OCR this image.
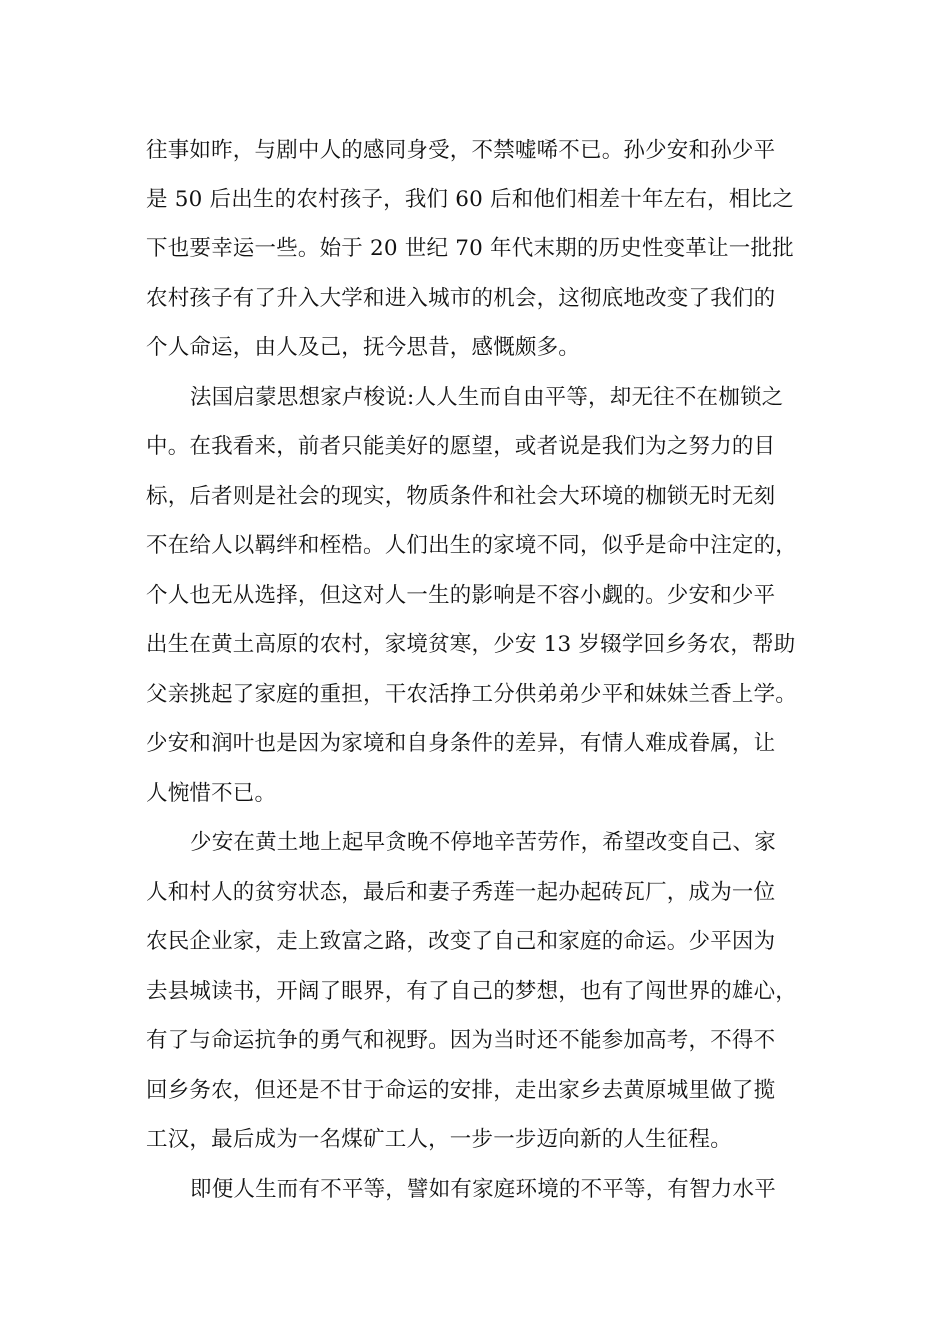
往事如昨，与剧中人的感同身受，不禁嘘唏不已。孙少安和孙少平
是 50 后出生的农村孩子，我们 60 后和他们相差十年左右，相比之
下也要幸运一些。始于 20 世纪 70 年代末期的历史性变革让一批批
农村孩子有了升入大学和进入城市的机会，这彻底地改变了我们的
个人命运，由人及己，抚今思昔，感慨颇多。
法国启蒙思想家卢梭说:人人生而自由平等，却无往不在枷锁之
中。在我看来，前者只能美好的愿望，或者说是我们为之努力的目
标，后者则是社会的现实，物质条件和社会大环境的枷锁无时无刻
不在给人以羁绊和桎梏。人们出生的家境不同，似乎是命中注定的，
个人也无从选择，但这对人一生的影响是不容小觑的。少安和少平
出生在黄土高原的农村，家境贫寒，少安 13 岁辍学回乡务农，帮助
父亲挑起了家庭的重担，干农活挣工分供弟弟少平和妹妹兰香上学。
少安和润叶也是因为家境和自身条件的差异，有情人难成眷属，让
人惋惜不已。
少安在黄土地上起早贪晚不停地辛苦劳作，希望改变自己、家
人和村人的贫穷状态，最后和妻子秀莲一起办起砖瓦厂，成为一位
农民企业家，走上致富之路，改变了自己和家庭的命运。少平因为
去县城读书，开阔了眼界，有了自己的梦想，也有了闯世界的雄心，
有了与命运抗争的勇气和视野。因为当时还不能参加高考，不得不
回乡务农，但还是不甘于命运的安排，走出家乡去黄原城里做了揽
工汉，最后成为一名煤矿工人，一步一步迈向新的人生征程。
即便人生而有不平等，譬如有家庭环境的不平等，有智力水平
